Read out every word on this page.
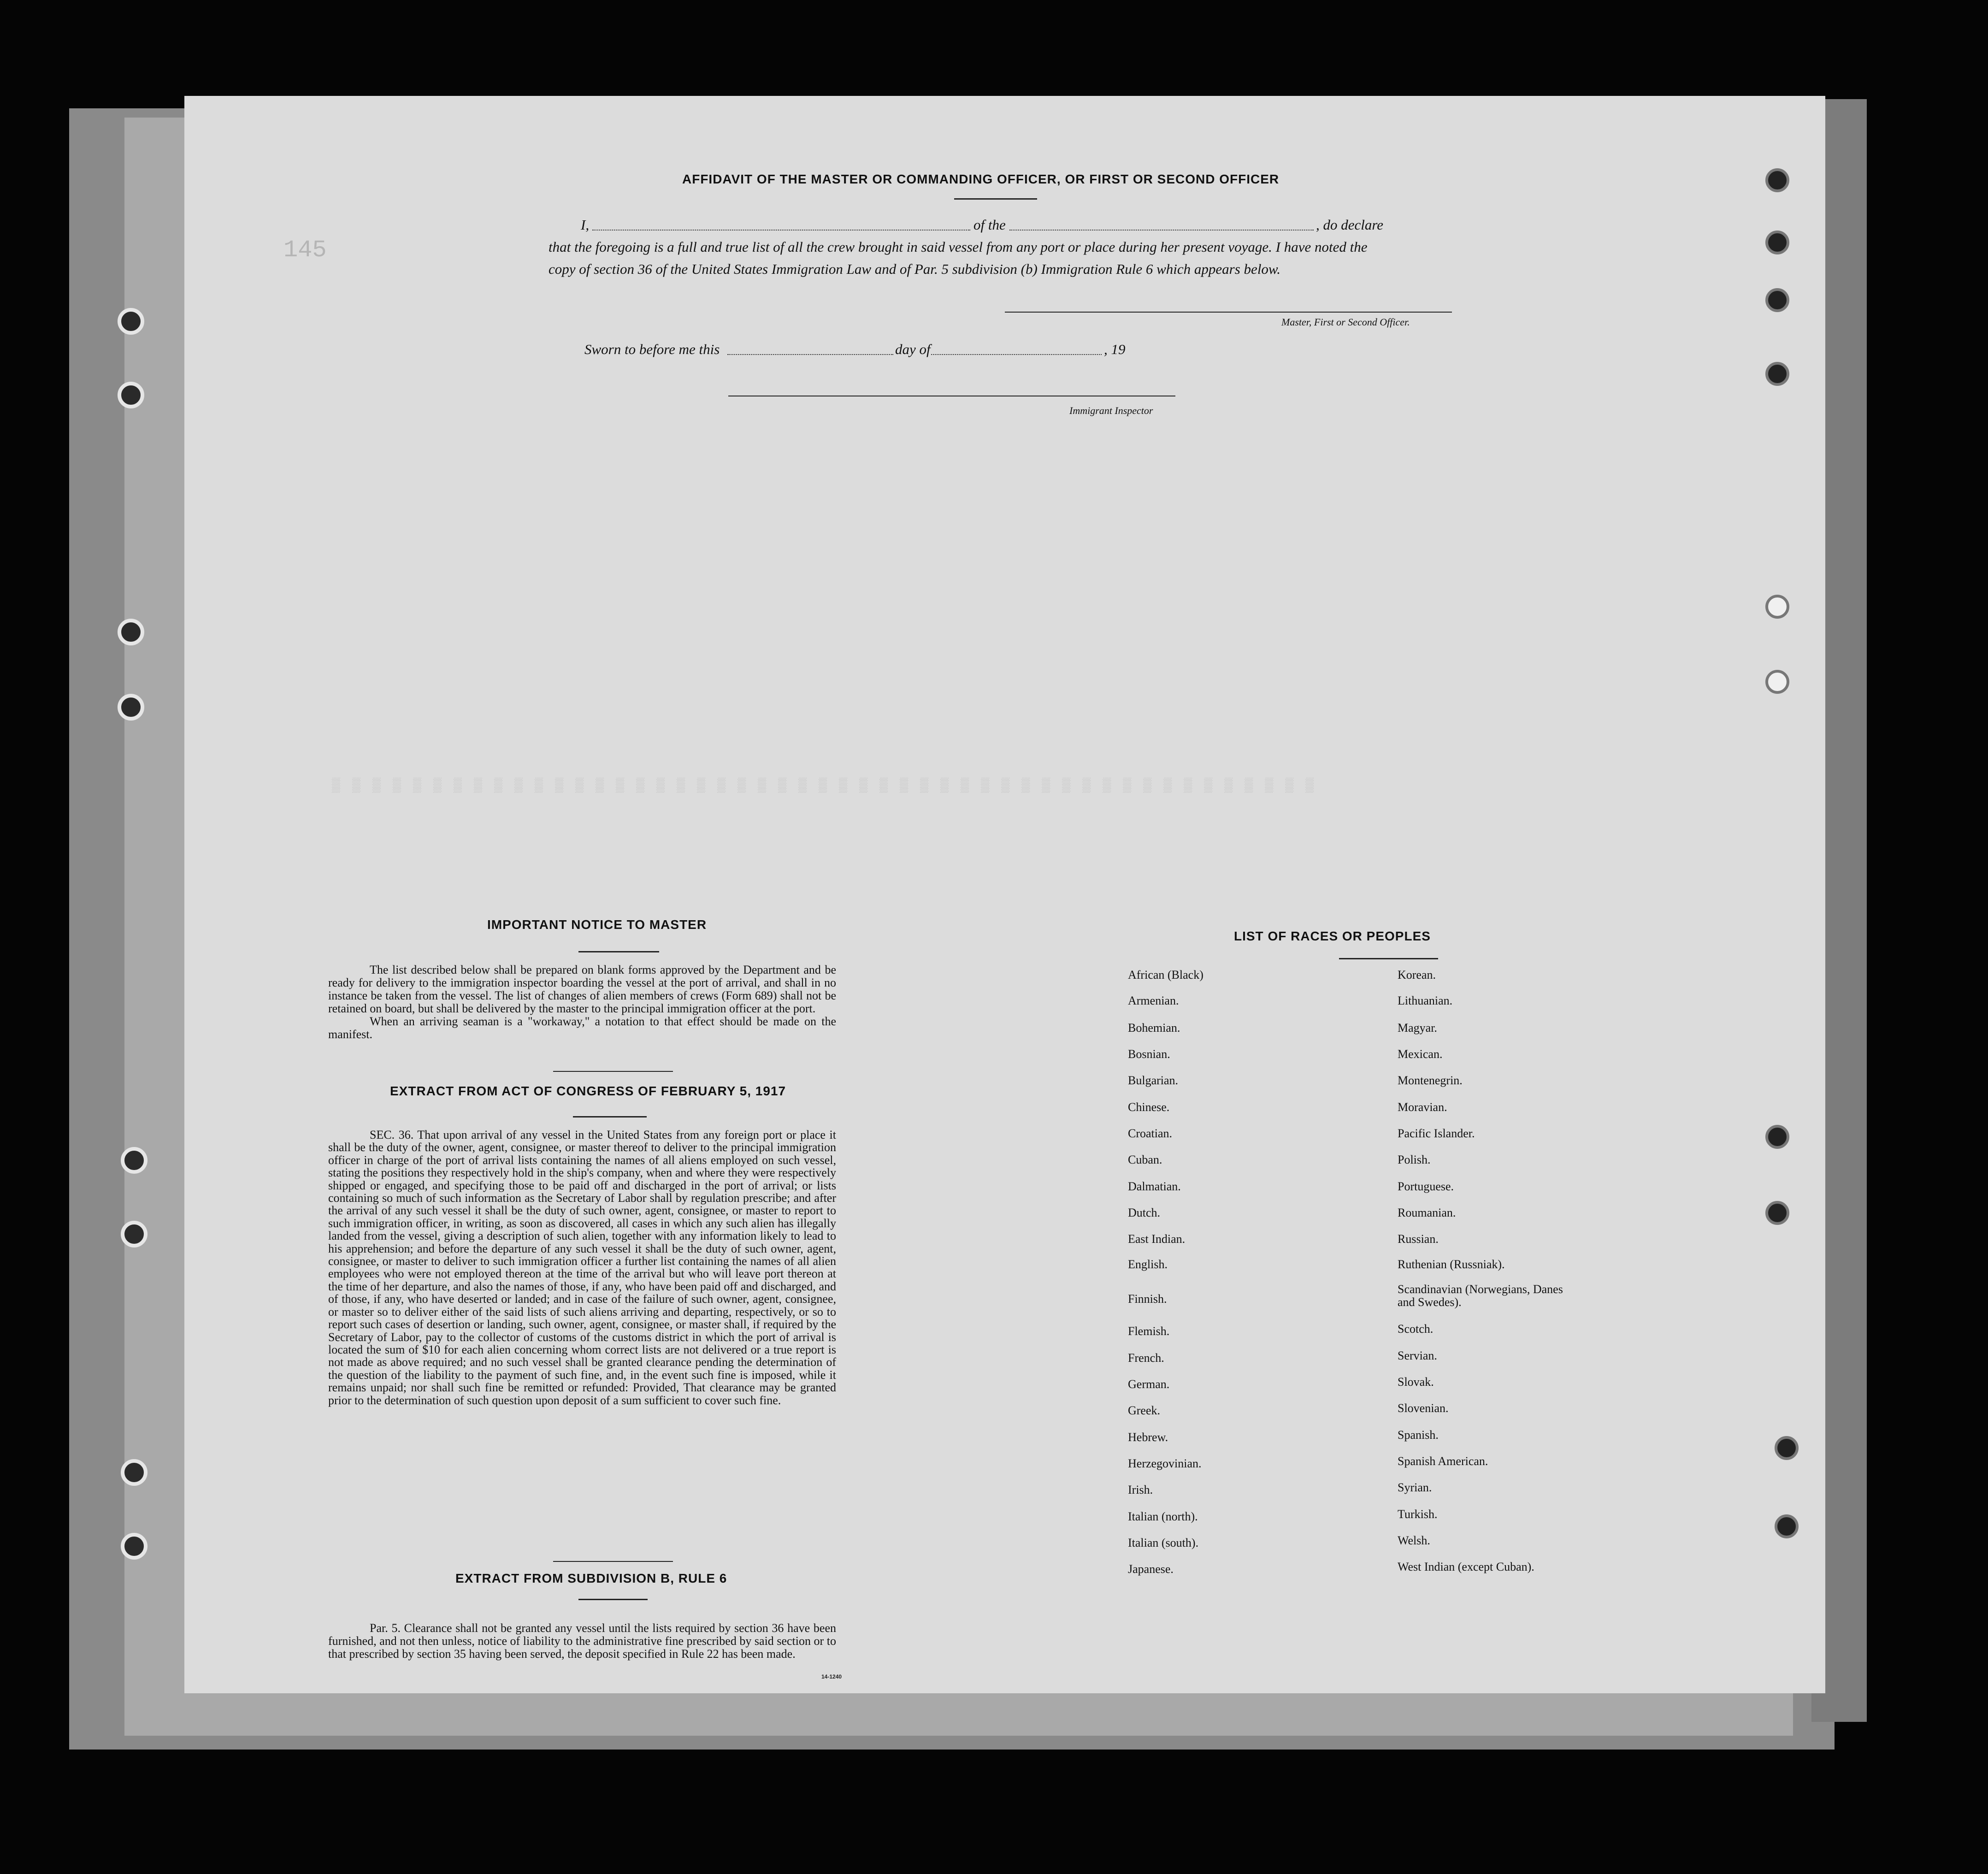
▒ ▒ ▒ ▒ ▒ ▒ ▒ ▒ ▒ ▒ ▒ ▒ ▒ ▒ ▒ ▒ ▒ ▒ ▒ ▒ ▒ ▒ ▒ ▒ ▒ ▒ ▒ ▒ ▒ ▒ ▒ ▒ ▒ ▒ ▒ ▒ ▒ ▒ ▒ ▒ ▒ ▒ ▒ ▒ ▒ ▒ ▒ ▒ ▒
145
AFFIDAVIT OF THE MASTER OR COMMANDING OFFICER, OR FIRST OR SECOND OFFICER
I,	of the	, do declare
that the foregoing is a full and true list of all the crew brought in said vessel from any port or place during her present voyage. I have noted the
copy of section 36 of the United States Immigration Law and of Par. 5 subdivision (b) Immigration Rule 6 which appears below.
Master, First or Second Officer.
Sworn to before me this	day of	, 19
Immigrant Inspector
IMPORTANT NOTICE TO MASTER

The list described below shall be prepared on blank forms approved by the Department and be ready for delivery to the immigration inspector boarding the vessel at the port of arrival, and shall in no instance be taken from the vessel. The list of changes of alien members of crews (Form 689) shall not be retained on board, but shall be delivered by the master to the principal immigration officer at the port.

When an arriving seaman is a "workaway," a notation to that effect should be made on the manifest.

EXTRACT FROM ACT OF CONGRESS OF FEBRUARY 5, 1917

SEC. 36. That upon arrival of any vessel in the United States from any foreign port or place it shall be the duty of the owner, agent, consignee, or master thereof to deliver to the principal immigration officer in charge of the port of arrival lists containing the names of all aliens employed on such vessel, stating the positions they respectively hold in the ship's company, when and where they were respectively shipped or engaged, and specifying those to be paid off and discharged in the port of arrival; or lists containing so much of such information as the Secretary of Labor shall by regulation prescribe; and after the arrival of any such vessel it shall be the duty of such owner, agent, consignee, or master to report to such immigration officer, in writing, as soon as discovered, all cases in which any such alien has illegally landed from the vessel, giving a description of such alien, together with any information likely to lead to his apprehension; and before the departure of any such vessel it shall be the duty of such owner, agent, consignee, or master to deliver to such immigration officer a further list containing the names of all alien employees who were not employed thereon at the time of the arrival but who will leave port thereon at the time of her departure, and also the names of those, if any, who have been paid off and discharged, and of those, if any, who have deserted or landed; and in case of the failure of such owner, agent, consignee, or master so to deliver either of the said lists of such aliens arriving and departing, respectively, or so to report such cases of desertion or landing, such owner, agent, consignee, or master shall, if required by the Secretary of Labor, pay to the collector of customs of the customs district in which the port of arrival is located the sum of $10 for each alien concerning whom correct lists are not delivered or a true report is not made as above required; and no such vessel shall be granted clearance pending the determination of the question of the liability to the payment of such fine, and, in the event such fine is imposed, while it remains unpaid; nor shall such fine be remitted or refunded: Provided, That clearance may be granted prior to the determination of such question upon deposit of a sum sufficient to cover such fine.

EXTRACT FROM SUBDIVISION B, RULE 6

Par. 5. Clearance shall not be granted any vessel until the lists required by section 36 have been furnished, and not then unless, notice of liability to the administrative fine prescribed by said section or to that prescribed by section 35 having been served, the deposit specified in Rule 22 has been made.

14-1240
LIST OF RACES OR PEOPLES
African (Black)
Armenian.
Bohemian.
Bosnian.
Bulgarian.
Chinese.
Croatian.
Cuban.
Dalmatian.
Dutch.
East Indian.
English.
Finnish.
Flemish.
French.
German.
Greek.
Hebrew.
Herzegovinian.
Irish.
Italian (north).
Italian (south).
Japanese.
Korean.
Lithuanian.
Magyar.
Mexican.
Montenegrin.
Moravian.
Pacific Islander.
Polish.
Portuguese.
Roumanian.
Russian.
Ruthenian (Russniak).
Scandinavian (Norwegians, Danes and Swedes).
Scotch.
Servian.
Slovak.
Slovenian.
Spanish.
Spanish American.
Syrian.
Turkish.
Welsh.
West Indian (except Cuban).
